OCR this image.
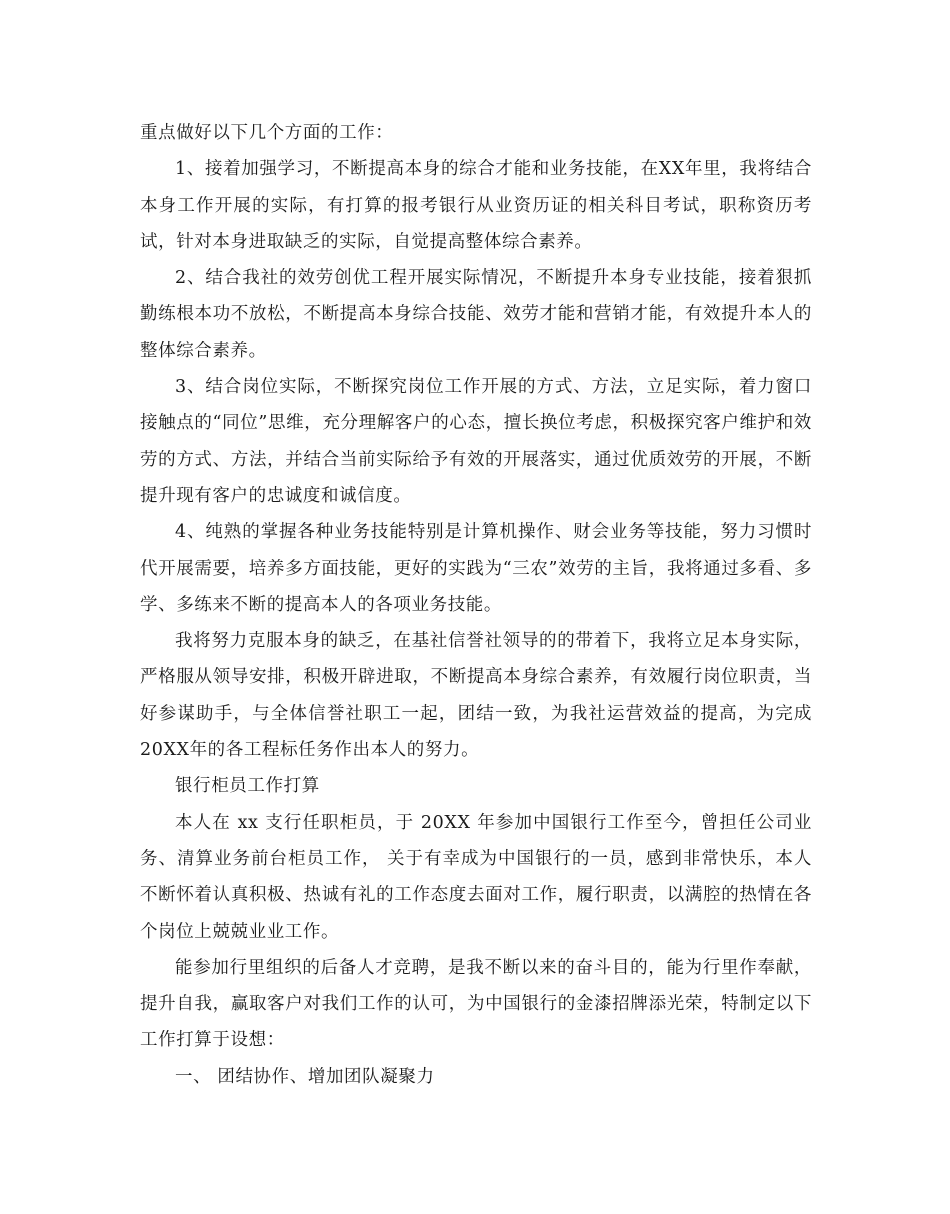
重点做好以下几个方面的工作：

1、接着加强学习，不断提高本身的综合才能和业务技能，在XX年里，我将结合本身工作开展的实际，有打算的报考银行从业资历证的相关科目考试，职称资历考试，针对本身进取缺乏的实际，自觉提高整体综合素养。

2、结合我社的效劳创优工程开展实际情况，不断提升本身专业技能，接着狠抓勤练根本功不放松，不断提高本身综合技能、效劳才能和营销才能，有效提升本人的整体综合素养。

3、结合岗位实际，不断探究岗位工作开展的方式、方法，立足实际，着力窗口接触点的“同位”思维，充分理解客户的心态，擅长换位考虑，积极探究客户维护和效劳的方式、方法，并结合当前实际给予有效的开展落实，通过优质效劳的开展，不断提升现有客户的忠诚度和诚信度。

4、纯熟的掌握各种业务技能特别是计算机操作、财会业务等技能，努力习惯时代开展需要，培养多方面技能，更好的实践为“三农”效劳的主旨，我将通过多看、多学、多练来不断的提高本人的各项业务技能。

我将努力克服本身的缺乏，在基社信誉社领导的的带着下，我将立足本身实际，严格服从领导安排，积极开辟进取，不断提高本身综合素养，有效履行岗位职责，当好参谋助手，与全体信誉社职工一起，团结一致，为我社运营效益的提高，为完成20XX年的各工程标任务作出本人的努力。

银行柜员工作打算

本人在 xx 支行任职柜员，于 20XX 年参加中国银行工作至今，曾担任公司业务、清算业务前台柜员工作， 关于有幸成为中国银行的一员，感到非常快乐，本人不断怀着认真积极、热诚有礼的工作态度去面对工作，履行职责，以满腔的热情在各个岗位上兢兢业业工作。

能参加行里组织的后备人才竞聘，是我不断以来的奋斗目的，能为行里作奉献，提升自我，赢取客户对我们工作的认可，为中国银行的金漆招牌添光荣，特制定以下工作打算于设想：

一、 团结协作、增加团队凝聚力
